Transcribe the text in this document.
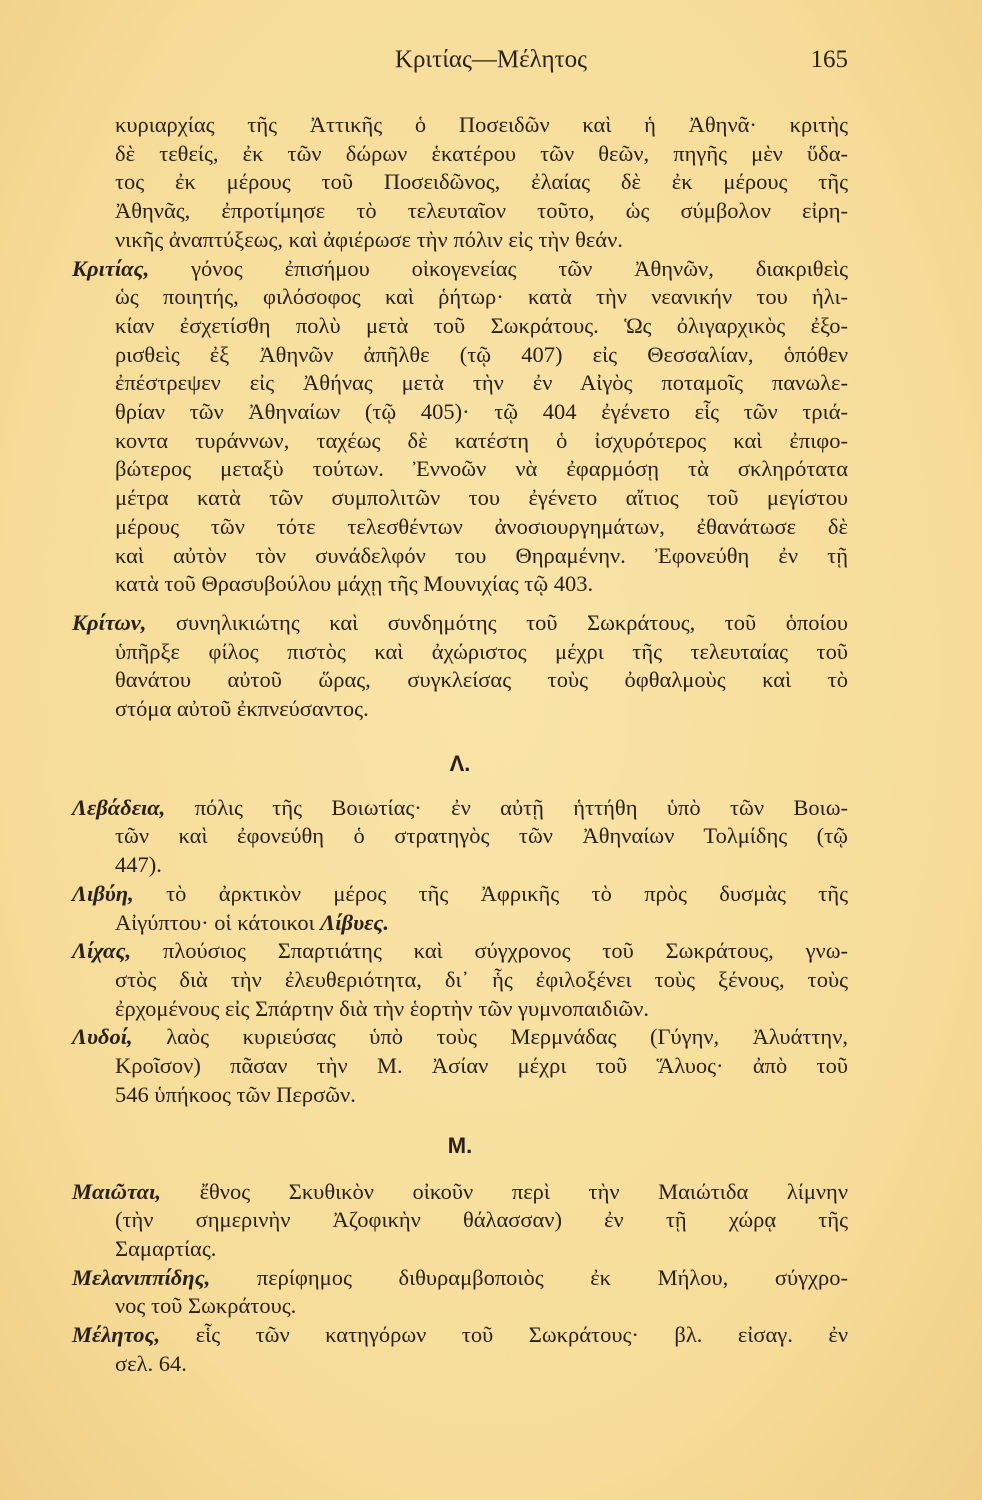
Κριτίας—Μέλητος	165
κυριαρχίας τῆς Ἀττικῆς ὁ Ποσειδῶν καὶ ἡ Ἀθηνᾶ· κριτὴς
δὲ τεθείς, ἐκ τῶν δώρων ἑκατέρου τῶν θεῶν, πηγῆς μὲν ὕδα-
τος ἐκ μέρους τοῦ Ποσειδῶνος, ἐλαίας δὲ ἐκ μέρους τῆς
Ἀθηνᾶς, ἐπροτίμησε τὸ τελευταῖον τοῦτο, ὡς σύμβολον εἰρη-
νικῆς ἀναπτύξεως, καὶ ἀφιέρωσε τὴν πόλιν εἰς τὴν θεάν.
Κριτίας, γόνος ἐπισήμου οἰκογενείας τῶν Ἀθηνῶν, διακριθεὶς
ὡς ποιητής, φιλόσοφος καὶ ῥήτωρ· κατὰ τὴν νεανικήν του ἡλι-
κίαν ἐσχετίσθη πολὺ μετὰ τοῦ Σωκράτους. Ὡς ὀλιγαρχικὸς ἐξο-
ρισθεὶς ἐξ Ἀθηνῶν ἀπῆλθε (τῷ 407) εἰς Θεσσαλίαν, ὁπόθεν
ἐπέστρεψεν εἰς Ἀθήνας μετὰ τὴν ἐν Αἰγὸς ποταμοῖς πανωλε-
θρίαν τῶν Ἀθηναίων (τῷ 405)· τῷ 404 ἐγένετο εἷς τῶν τριά-
κοντα τυράννων, ταχέως δὲ κατέστη ὁ ἰσχυρότερος καὶ ἐπιφο-
βώτερος μεταξὺ τούτων. Ἐννοῶν νὰ ἐφαρμόσῃ τὰ σκληρότατα
μέτρα κατὰ τῶν συμπολιτῶν του ἐγένετο αἴτιος τοῦ μεγίστου
μέρους τῶν τότε τελεσθέντων ἀνοσιουργημάτων, ἐθανάτωσε δὲ
καὶ αὐτὸν τὸν συνάδελφόν του Θηραμένην. Ἐφονεύθη ἐν τῇ
κατὰ τοῦ Θρασυβούλου μάχῃ τῆς Μουνιχίας τῷ 403.
Κρίτων, συνηλικιώτης καὶ συνδημότης τοῦ Σωκράτους, τοῦ ὁποίου
ὑπῆρξε φίλος πιστὸς καὶ ἀχώριστος μέχρι τῆς τελευταίας τοῦ
θανάτου αὐτοῦ ὥρας, συγκλείσας τοὺς ὀφθαλμοὺς καὶ τὸ
στόμα αὐτοῦ ἐκπνεύσαντος.
Λ.
Λεβάδεια, πόλις τῆς Βοιωτίας· ἐν αὐτῇ ἡττήθη ὑπὸ τῶν Βοιω-
τῶν καὶ ἐφονεύθη ὁ στρατηγὸς τῶν Ἀθηναίων Τολμίδης (τῷ
447).
Λιβύη, τὸ ἀρκτικὸν μέρος τῆς Ἀφρικῆς τὸ πρὸς δυσμὰς τῆς
Αἰγύπτου· οἱ κάτοικοι Λίβυες.
Λίχας, πλούσιος Σπαρτιάτης καὶ σύγχρονος τοῦ Σωκράτους, γνω-
στὸς διὰ τὴν ἐλευθεριότητα, δι᾽ ἧς ἐφιλοξένει τοὺς ξένους, τοὺς
ἐρχομένους εἰς Σπάρτην διὰ τὴν ἑορτὴν τῶν γυμνοπαιδιῶν.
Λυδοί, λαὸς κυριεύσας ὑπὸ τοὺς Μερμνάδας (Γύγην, Ἀλυάττην,
Κροῖσον) πᾶσαν τὴν Μ. Ἀσίαν μέχρι τοῦ Ἅλυος· ἀπὸ τοῦ
546 ὑπήκοος τῶν Περσῶν.
Μ.
Μαιῶται, ἔθνος Σκυθικὸν οἰκοῦν περὶ τὴν Μαιώτιδα λίμνην
(τὴν σημερινὴν Ἀζοφικὴν θάλασσαν) ἐν τῇ χώρᾳ τῆς
Σαμαρτίας.
Μελανιππίδης, περίφημος διθυραμβοποιὸς ἐκ Μήλου, σύγχρο-
νος τοῦ Σωκράτους.
Μέλητος, εἷς τῶν κατηγόρων τοῦ Σωκράτους· βλ. εἰσαγ. ἐν
σελ. 64.
